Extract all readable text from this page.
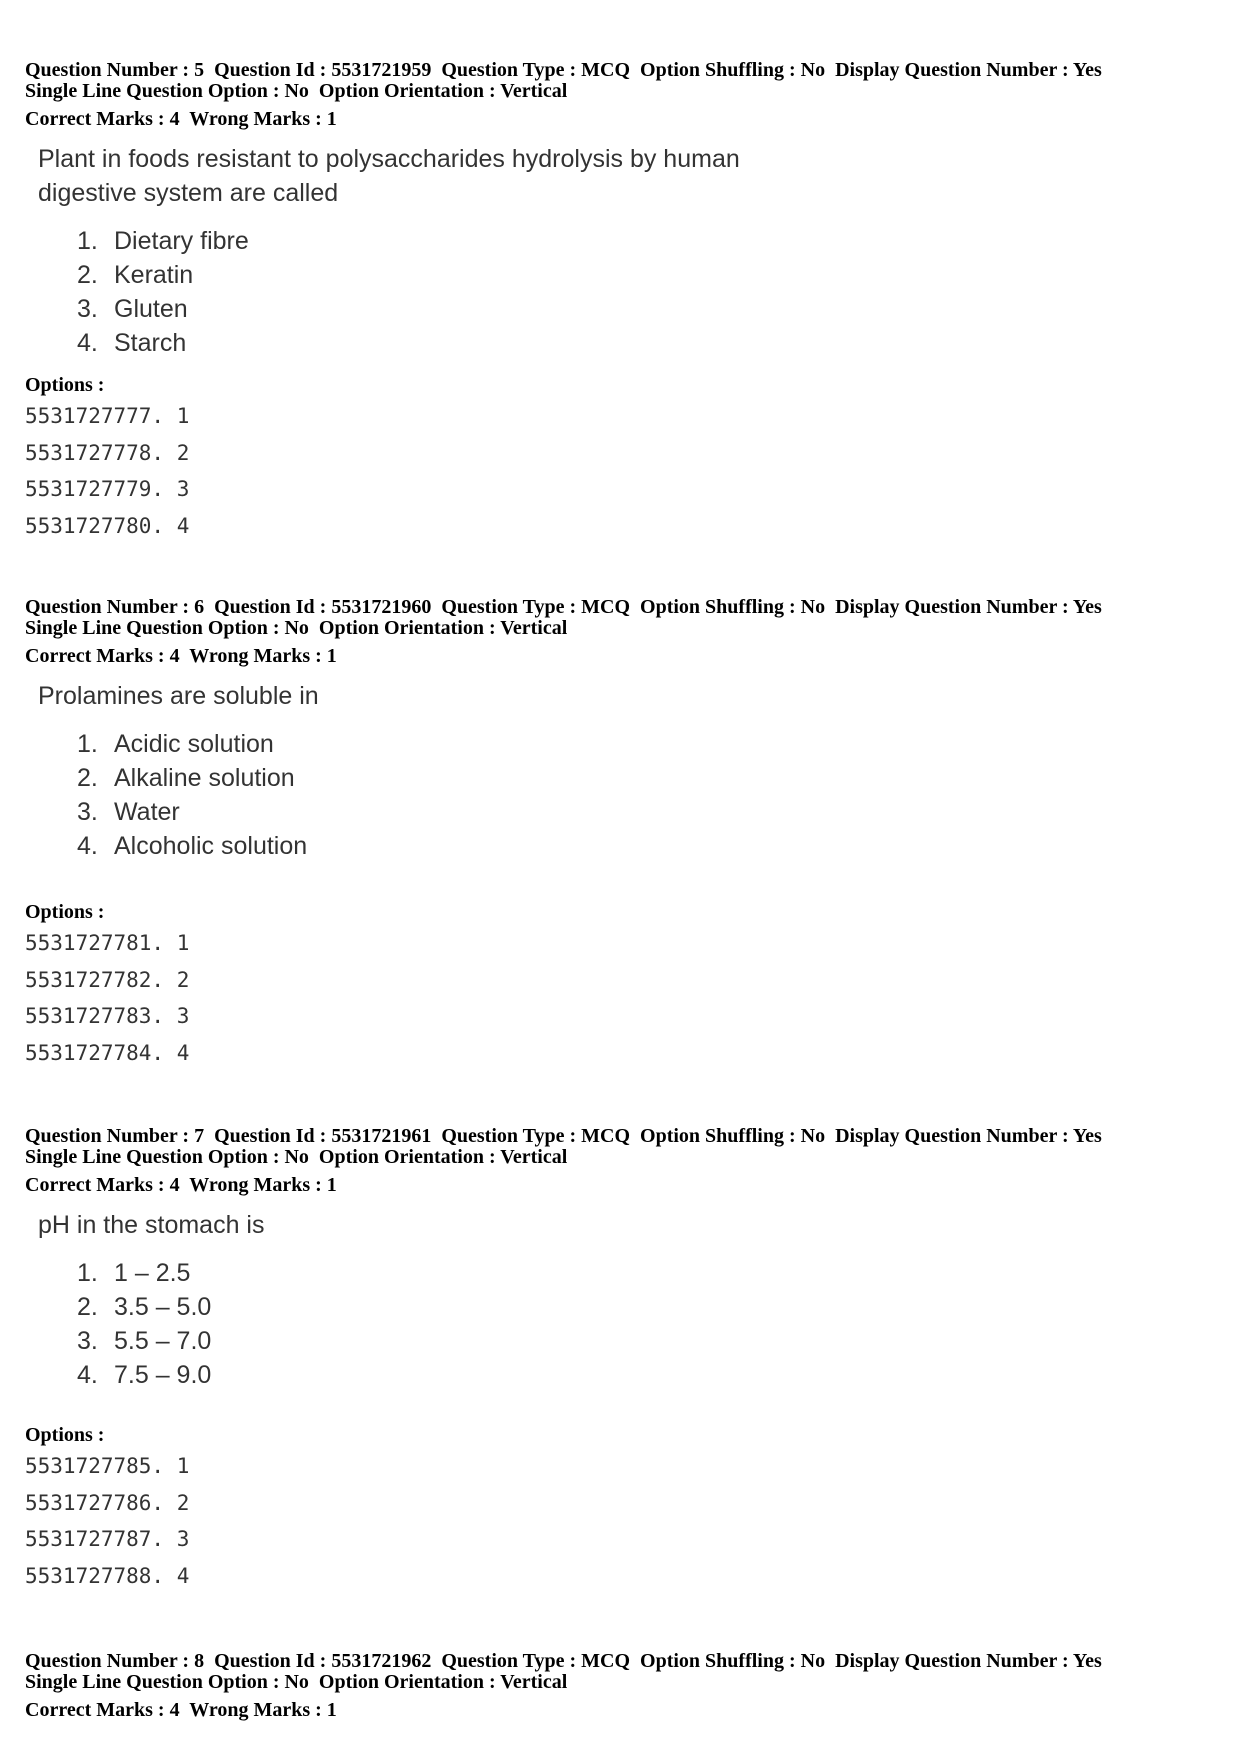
Question Number : 5  Question Id : 5531721959  Question Type : MCQ  Option Shuffling : No  Display Question Number : Yes
Single Line Question Option : No  Option Orientation : Vertical
Correct Marks : 4  Wrong Marks : 1
Plant in foods resistant to polysaccharides hydrolysis by human
digestive system are called
1. Dietary fibre
2. Keratin
3. Gluten
4. Starch
Options :
5531727777. 1
5531727778. 2
5531727779. 3
5531727780. 4
Question Number : 6  Question Id : 5531721960  Question Type : MCQ  Option Shuffling : No  Display Question Number : Yes
Single Line Question Option : No  Option Orientation : Vertical
Correct Marks : 4  Wrong Marks : 1
Prolamines are soluble in
1. Acidic solution
2. Alkaline solution
3. Water
4. Alcoholic solution
Options :
5531727781. 1
5531727782. 2
5531727783. 3
5531727784. 4
Question Number : 7  Question Id : 5531721961  Question Type : MCQ  Option Shuffling : No  Display Question Number : Yes
Single Line Question Option : No  Option Orientation : Vertical
Correct Marks : 4  Wrong Marks : 1
pH in the stomach is
1. 1 – 2.5
2. 3.5 – 5.0
3. 5.5 – 7.0
4. 7.5 – 9.0
Options :
5531727785. 1
5531727786. 2
5531727787. 3
5531727788. 4
Question Number : 8  Question Id : 5531721962  Question Type : MCQ  Option Shuffling : No  Display Question Number : Yes
Single Line Question Option : No  Option Orientation : Vertical
Correct Marks : 4  Wrong Marks : 1
